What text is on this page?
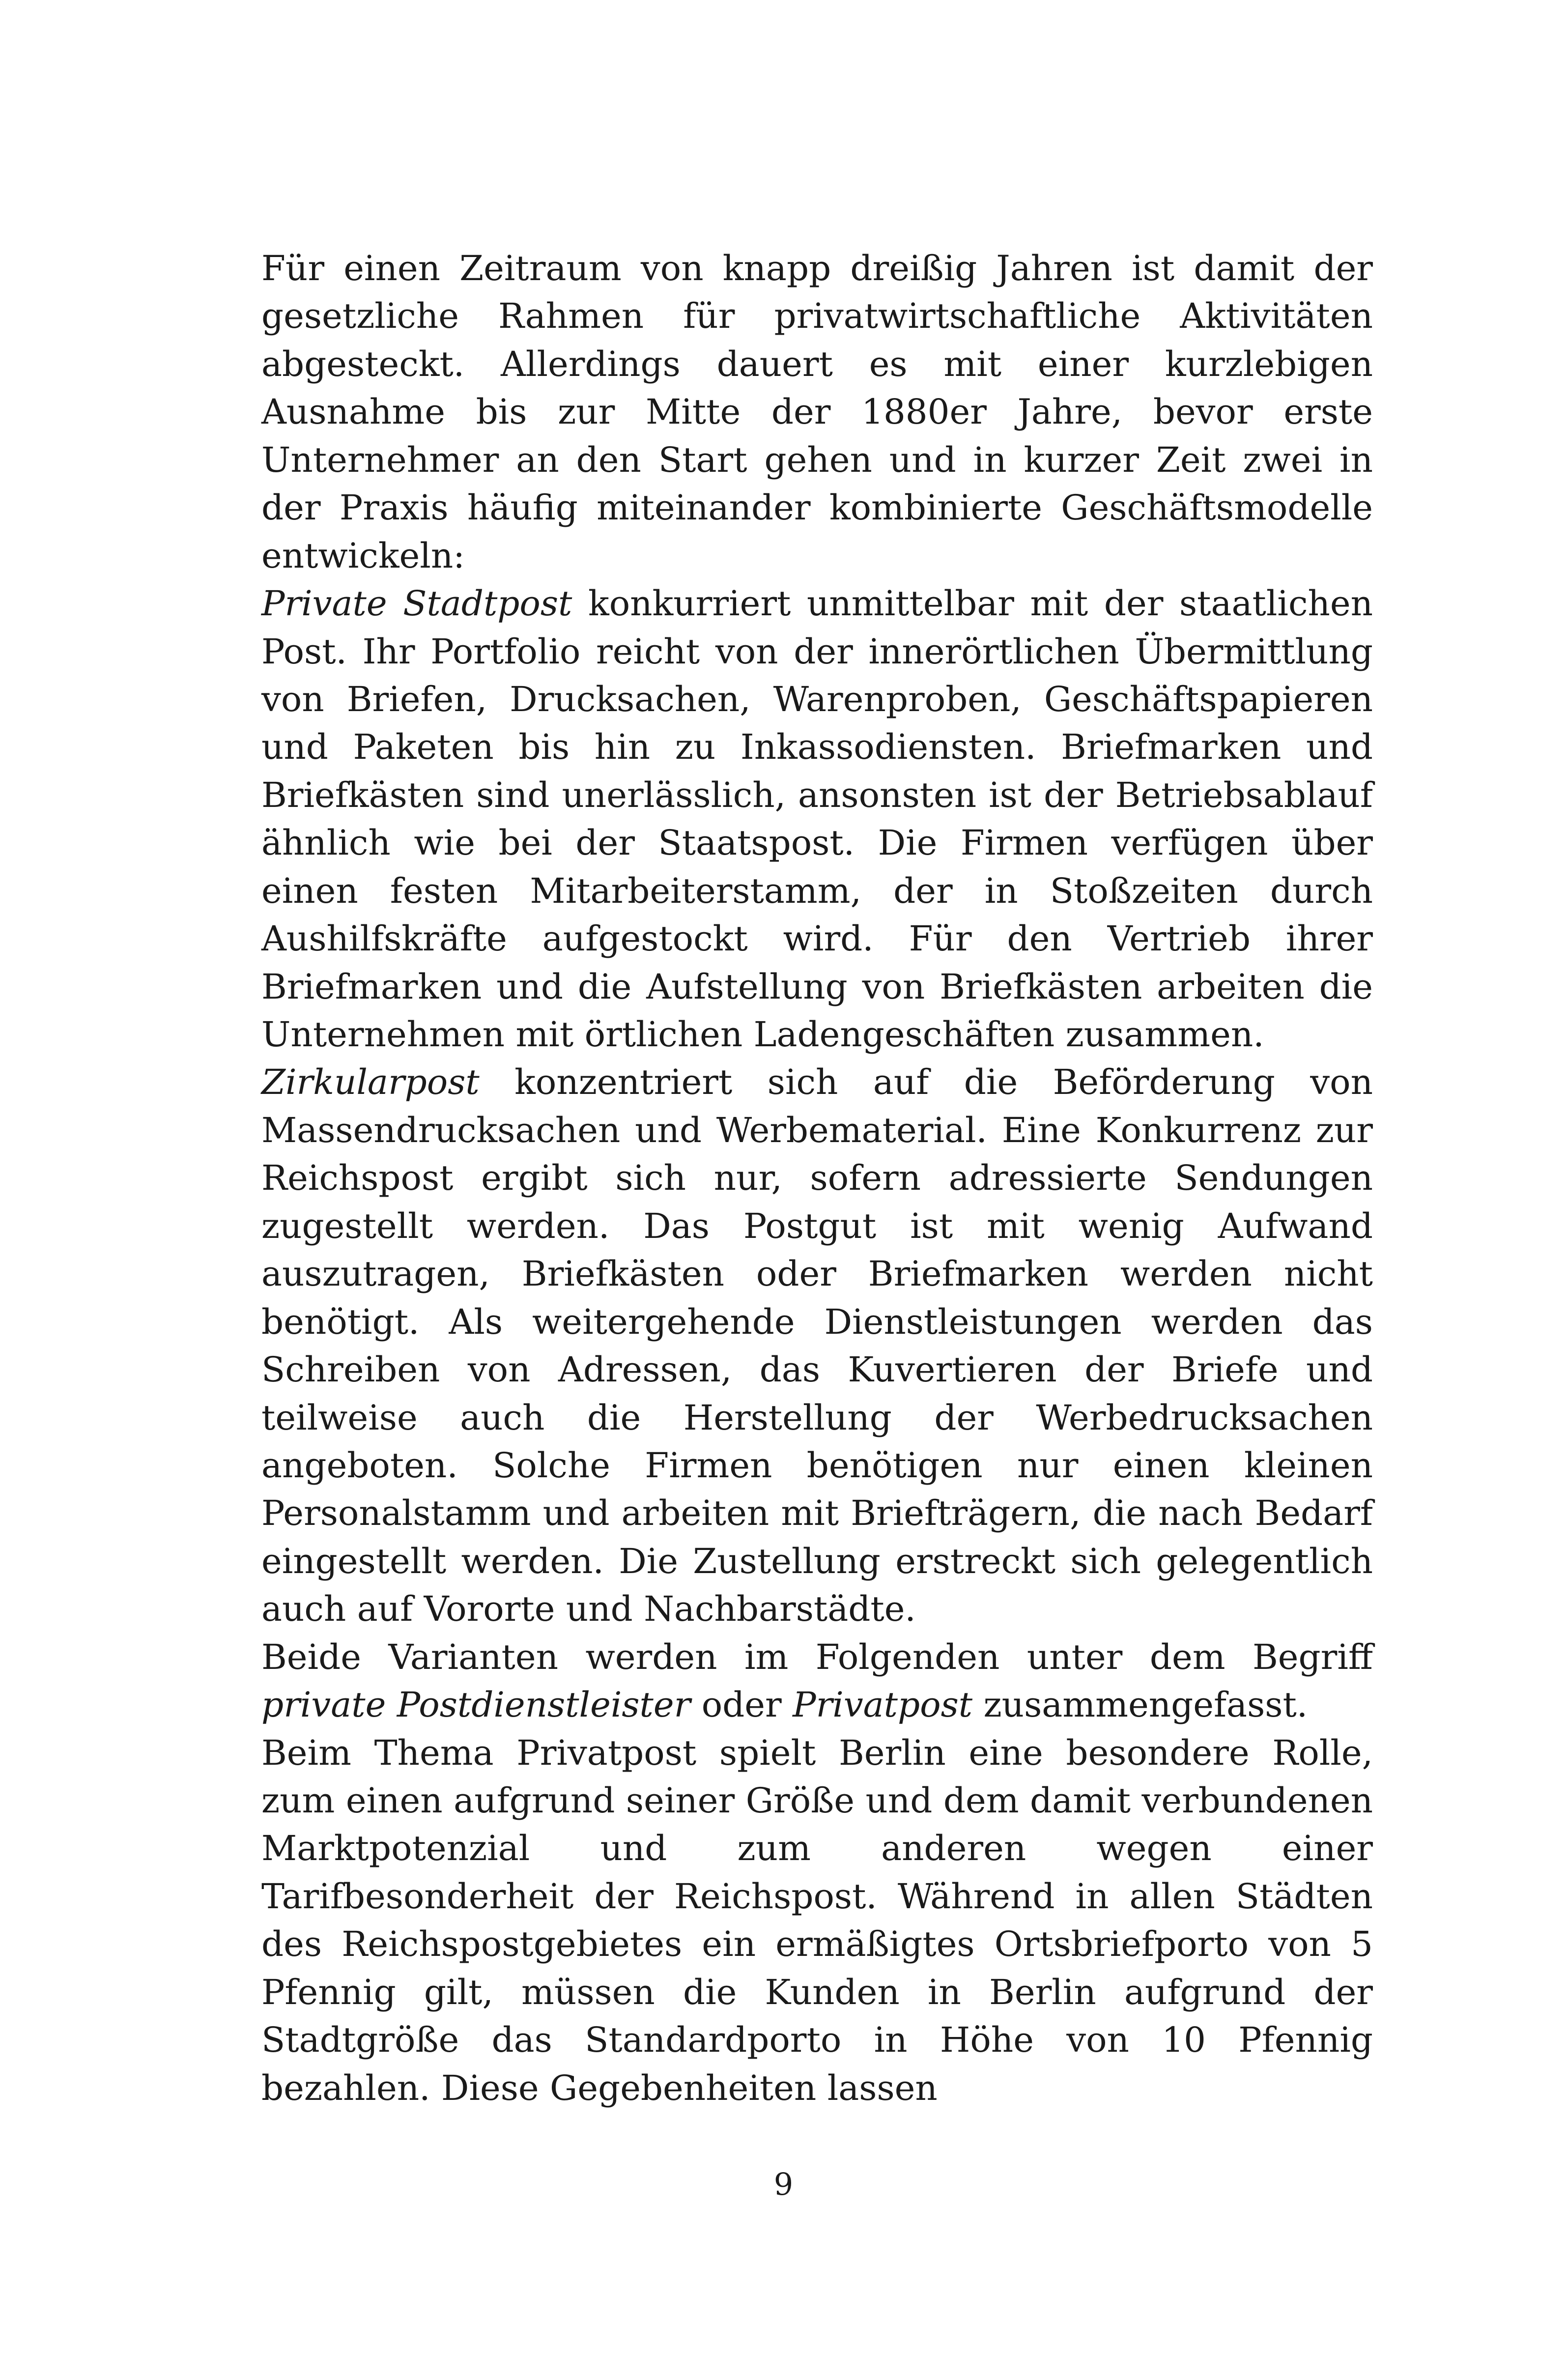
Für einen Zeitraum von knapp dreißig Jahren ist damit der gesetzliche Rahmen für privatwirtschaftliche Aktivitäten abgesteckt. Allerdings dauert es mit einer kurzlebigen Ausnahme bis zur Mitte der 1880er Jahre, bevor erste Unternehmer an den Start gehen und in kurzer Zeit zwei in der Praxis häufig miteinander kombinierte Geschäftsmodelle entwickeln:

Private Stadtpost konkurriert unmittelbar mit der staatlichen Post. Ihr Portfolio reicht von der innerörtlichen Übermittlung von Briefen, Drucksachen, Warenproben, Geschäftspapieren und Paketen bis hin zu Inkassodiensten. Briefmarken und Briefkästen sind unerlässlich, ansonsten ist der Betriebsablauf ähnlich wie bei der Staatspost. Die Firmen verfügen über einen festen Mitarbeiterstamm, der in Stoßzeiten durch Aushilfskräfte aufgestockt wird. Für den Vertrieb ihrer Briefmarken und die Aufstellung von Briefkästen arbeiten die Unternehmen mit örtlichen Ladengeschäften zusammen.

Zirkularpost konzentriert sich auf die Beförderung von Massendrucksachen und Werbematerial. Eine Konkurrenz zur Reichspost ergibt sich nur, sofern adressierte Sendungen zugestellt werden. Das Postgut ist mit wenig Aufwand auszutragen, Briefkästen oder Briefmarken werden nicht benötigt. Als weitergehende Dienstleistungen werden das Schreiben von Adressen, das Kuvertieren der Briefe und teilweise auch die Herstellung der Werbedrucksachen angeboten. Solche Firmen benötigen nur einen kleinen Personalstamm und arbeiten mit Briefträgern, die nach Bedarf eingestellt werden. Die Zustellung erstreckt sich gelegentlich auch auf Vororte und Nachbarstädte.

Beide Varianten werden im Folgenden unter dem Begriff private Postdienstleister oder Privatpost zusammengefasst.

Beim Thema Privatpost spielt Berlin eine besondere Rolle, zum einen aufgrund seiner Größe und dem damit verbundenen Marktpotenzial und zum anderen wegen einer Tarifbesonderheit der Reichspost. Während in allen Städten des Reichspostgebietes ein ermäßigtes Ortsbriefporto von 5 Pfennig gilt, müssen die Kunden in Berlin aufgrund der Stadtgröße das Standardporto in Höhe von 10 Pfennig bezahlen. Diese Gegebenheiten lassen

9
